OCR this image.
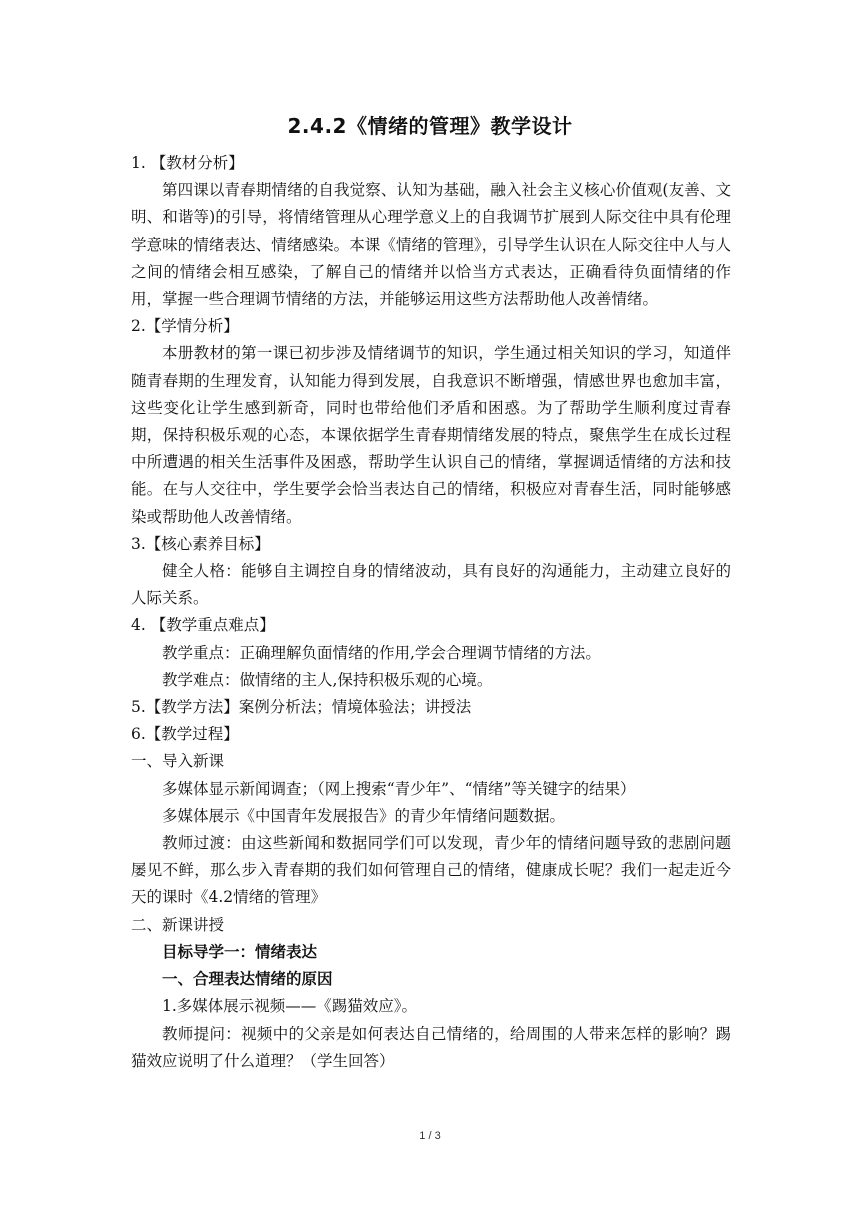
2.4.2《情绪的管理》教学设计

1. 【教材分析】

第四课以青春期情绪的自我觉察、认知为基础，融入社会主义核心价值观(友善、文明、和谐等)的引导，将情绪管理从心理学意义上的自我调节扩展到人际交往中具有伦理学意味的情绪表达、情绪感染。本课《情绪的管理》，引导学生认识在人际交往中人与人之间的情绪会相互感染，了解自己的情绪并以恰当方式表达，正确看待负面情绪的作用，掌握一些合理调节情绪的方法，并能够运用这些方法帮助他人改善情绪。

2.【学情分析】

本册教材的第一课已初步涉及情绪调节的知识，学生通过相关知识的学习，知道伴随青春期的生理发育，认知能力得到发展，自我意识不断增强，情感世界也愈加丰富，这些变化让学生感到新奇，同时也带给他们矛盾和困惑。为了帮助学生顺利度过青春期，保持积极乐观的心态，本课依据学生青春期情绪发展的特点，聚焦学生在成长过程中所遭遇的相关生活事件及困惑，帮助学生认识自己的情绪，掌握调适情绪的方法和技能。在与人交往中，学生要学会恰当表达自己的情绪，积极应对青春生活，同时能够感染或帮助他人改善情绪。

3.【核心素养目标】

健全人格：能够自主调控自身的情绪波动，具有良好的沟通能力，主动建立良好的人际关系。

4. 【教学重点难点】

教学重点：正确理解负面情绪的作用,学会合理调节情绪的方法。

教学难点：做情绪的主人,保持积极乐观的心境。

5.【教学方法】案例分析法；情境体验法；讲授法

6.【教学过程】

一、导入新课

多媒体显示新闻调查；（网上搜索“青少年”、“情绪”等关键字的结果）

多媒体展示《中国青年发展报告》的青少年情绪问题数据。

教师过渡：由这些新闻和数据同学们可以发现，青少年的情绪问题导致的悲剧问题屡见不鲜，那么步入青春期的我们如何管理自己的情绪，健康成长呢？我们一起走近今天的课时《4.2情绪的管理》

二、新课讲授

目标导学一：情绪表达

一、合理表达情绪的原因

1.多媒体展示视频——《踢猫效应》。

教师提问：视频中的父亲是如何表达自己情绪的，给周围的人带来怎样的影响？踢猫效应说明了什么道理？（学生回答）

1 / 3
